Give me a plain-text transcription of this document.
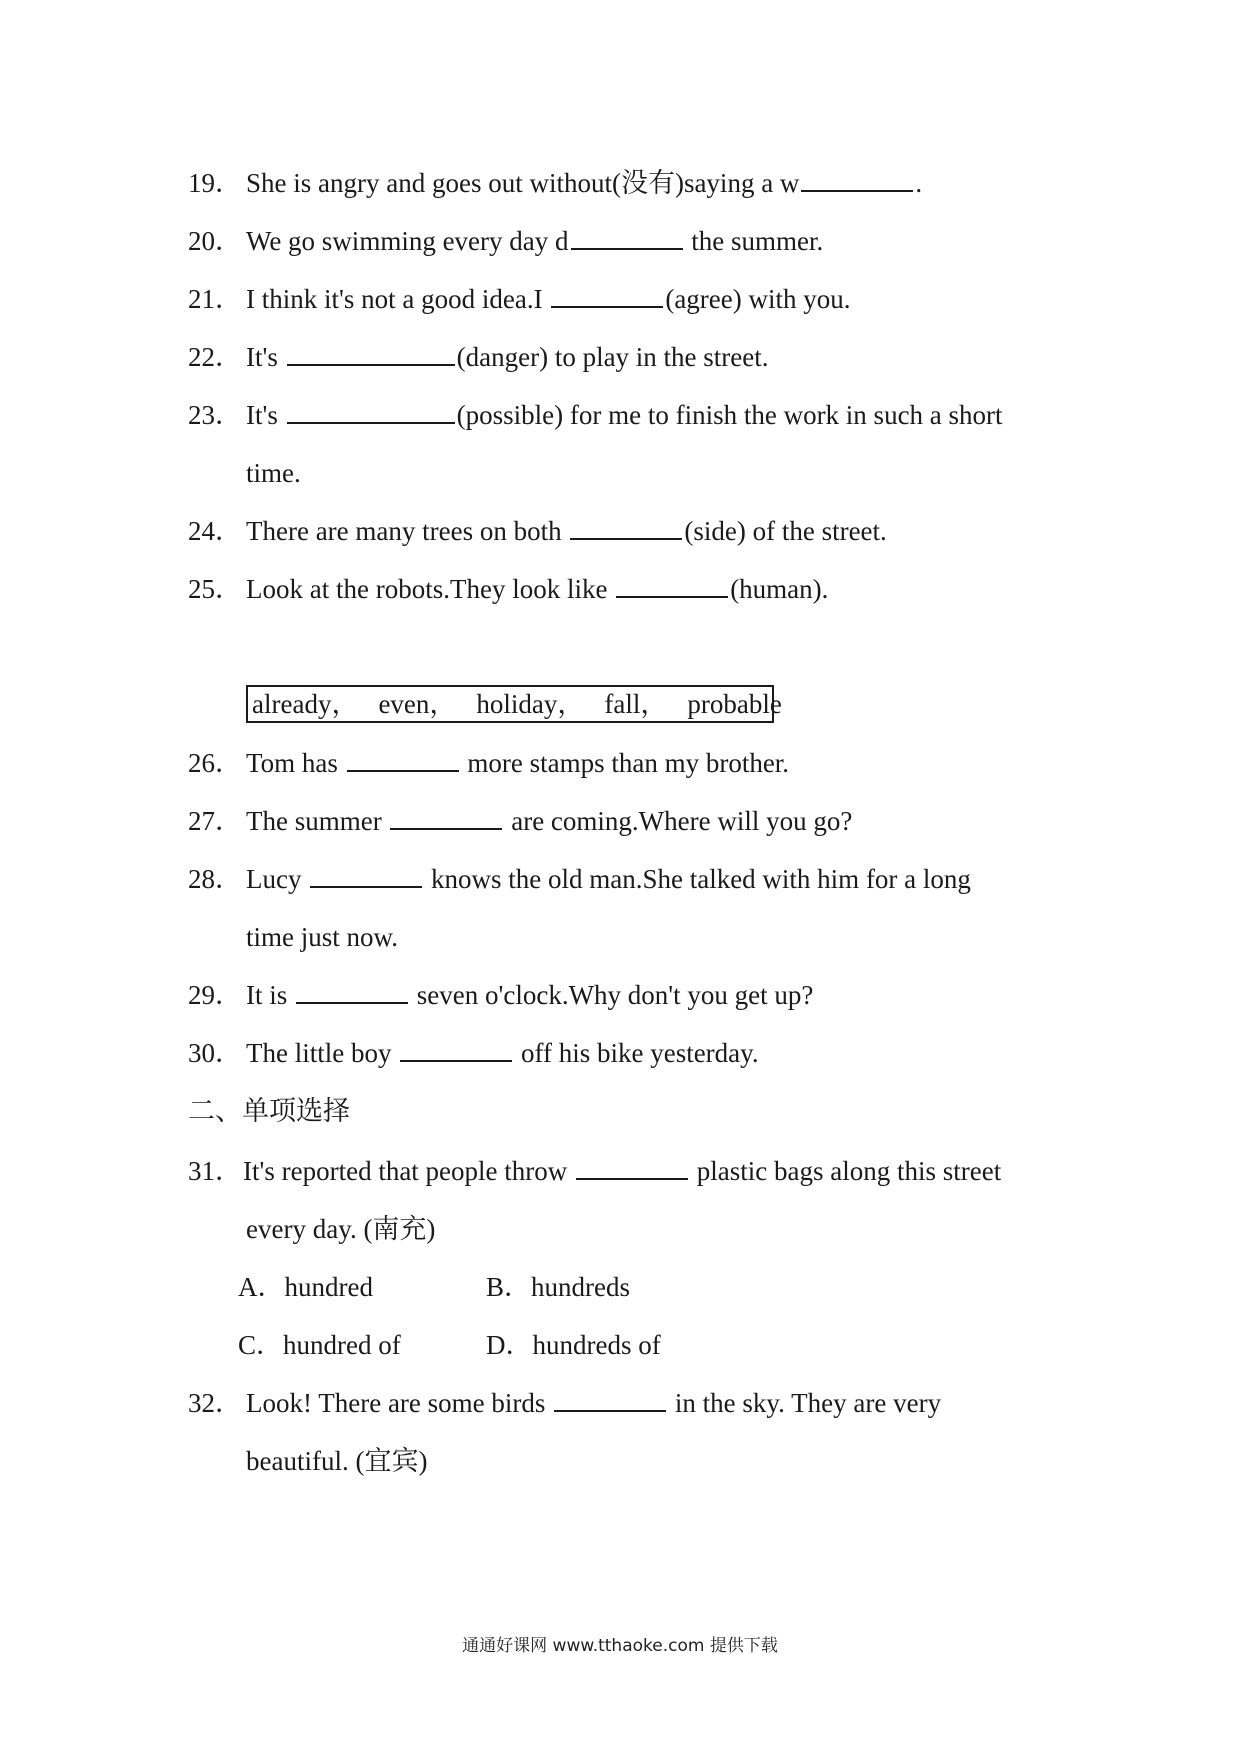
19． She is angry and goes out without(没有)saying a w	.
20． We go swimming every day d	the summer.
21． I think it's not a good idea.I	(agree) with you.
22． It's	(danger) to play in the street.
23． It's	(possible) for me to finish the work in such a short
time.
24． There are many trees on both	(side) of the street.
25． Look at the robots.They look like	(human).
already， even， holiday， fall， probable
26． Tom has	more stamps than my brother.
27． The summer	are coming.Where will you go?
28． Lucy	knows the old man.She talked with him for a long
time just now.
29． It is	seven o'clock.Why don't you get up?
30． The little boy	off his bike yesterday.
二、单项选择
31．It's reported that people throw	plastic bags along this street
every day. (南充)
A．hundred	B．hundreds
C．hundred of	D．hundreds of
32． Look! There are some birds	in the sky. They are very
beautiful. (宜宾)
通通好课网 www.tthaoke.com 提供下载
